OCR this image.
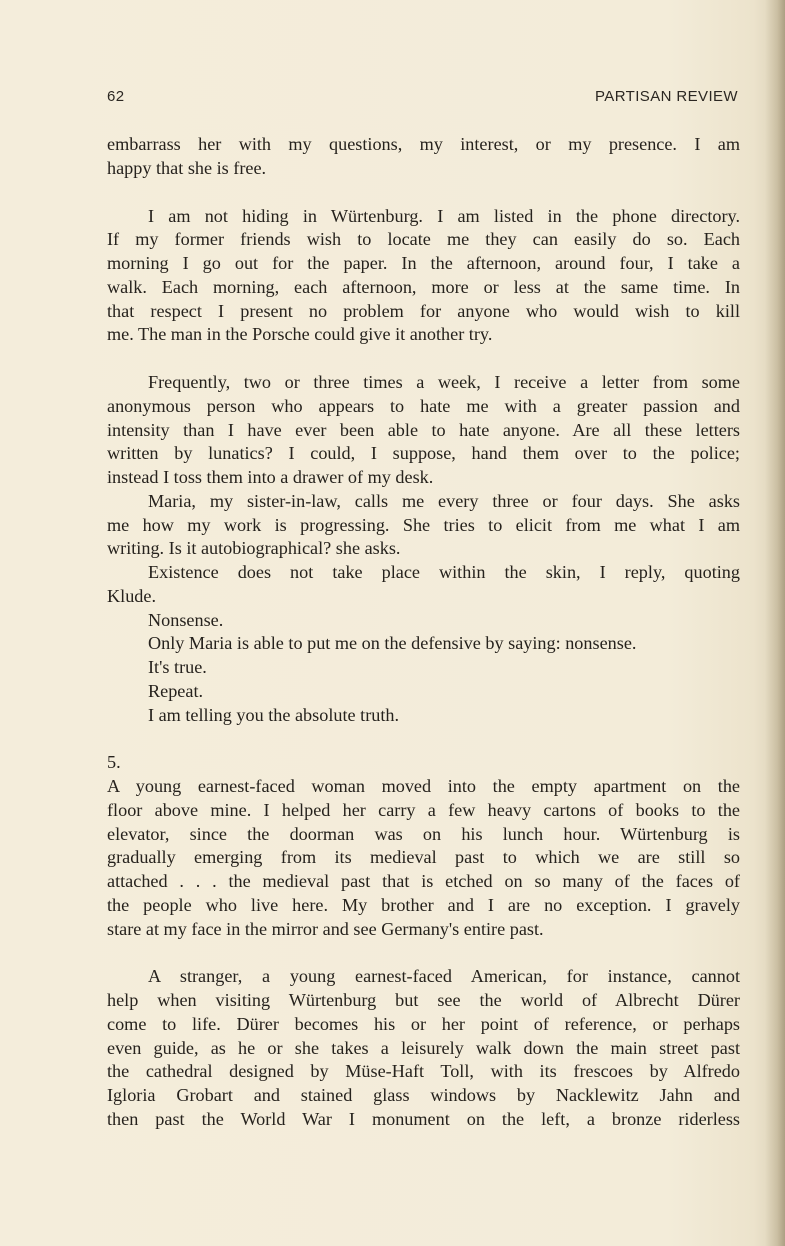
62	PARTISAN REVIEW

embarrass her with my questions, my interest, or my presence. I am

happy that she is free.

I am not hiding in Würtenburg. I am listed in the phone directory.

If my former friends wish to locate me they can easily do so. Each

morning I go out for the paper. In the afternoon, around four, I take a

walk. Each morning, each afternoon, more or less at the same time. In

that respect I present no problem for anyone who would wish to kill

me. The man in the Porsche could give it another try.

Frequently, two or three times a week, I receive a letter from some

anonymous person who appears to hate me with a greater passion and

intensity than I have ever been able to hate anyone. Are all these letters

written by lunatics? I could, I suppose, hand them over to the police;

instead I toss them into a drawer of my desk.

Maria, my sister-in-law, calls me every three or four days. She asks

me how my work is progressing. She tries to elicit from me what I am

writing. Is it autobiographical? she asks.

Existence does not take place within the skin, I reply, quoting

Klude.

Nonsense.

Only Maria is able to put me on the defensive by saying: nonsense.

It's true.

Repeat.

I am telling you the absolute truth.

5.

A young earnest-faced woman moved into the empty apartment on the

floor above mine. I helped her carry a few heavy cartons of books to the

elevator, since the doorman was on his lunch hour. Würtenburg is

gradually emerging from its medieval past to which we are still so

attached . . . the medieval past that is etched on so many of the faces of

the people who live here. My brother and I are no exception. I gravely

stare at my face in the mirror and see Germany's entire past.

A stranger, a young earnest-faced American, for instance, cannot

help when visiting Würtenburg but see the world of Albrecht Dürer

come to life. Dürer becomes his or her point of reference, or perhaps

even guide, as he or she takes a leisurely walk down the main street past

the cathedral designed by Müse-Haft Toll, with its frescoes by Alfredo

Igloria Grobart and stained glass windows by Nacklewitz Jahn and

then past the World War I monument on the left, a bronze riderless
